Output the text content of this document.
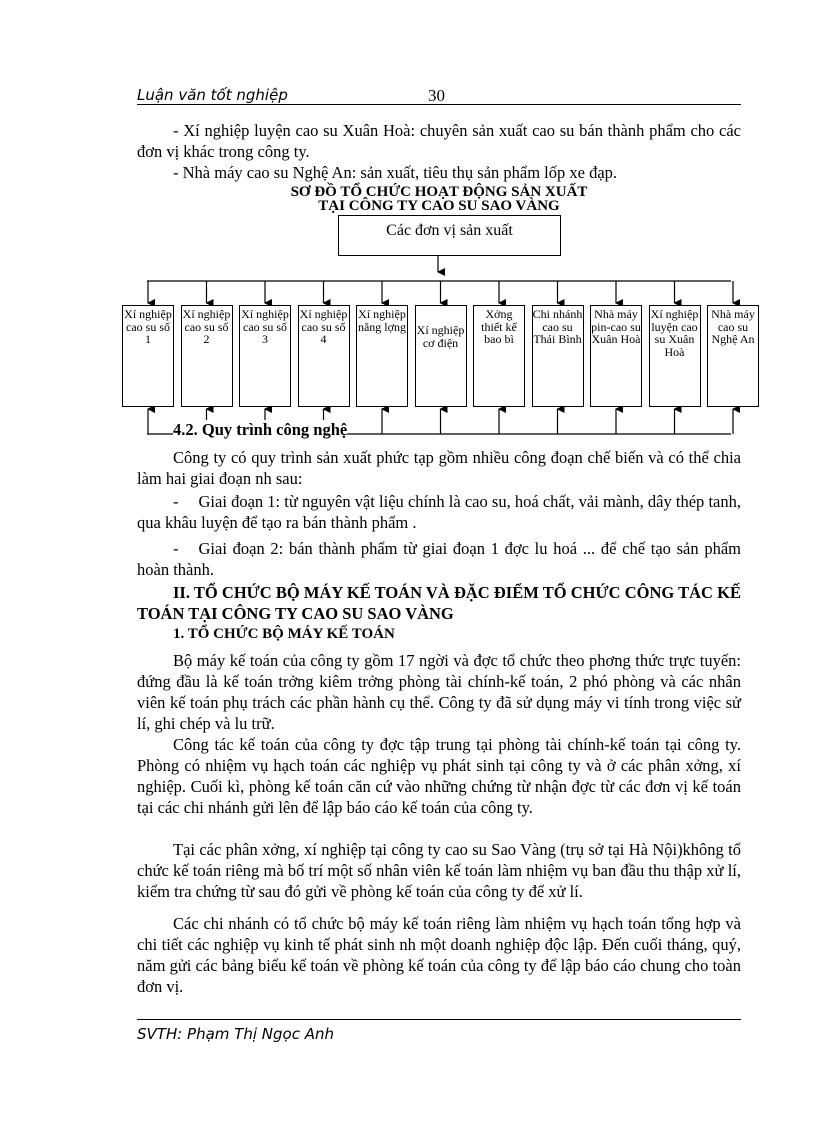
Luận văn tốt nghiệp	30

- Xí nghiệp luyện cao su Xuân Hoà: chuyên sản xuất cao su bán thành phẩm cho các đơn vị khác trong công ty.

- Nhà máy cao su Nghệ An: sản xuất, tiêu thụ sản phẩm lốp xe đạp.

SƠ ĐỒ TỔ CHỨC HOẠT ĐỘNG SẢN XUẤT
TẠI CÔNG TY CAO SU SAO VÀNG
Các đơn vị sản xuất
Xí nghiệp cao su số 1
Xí nghiệp cao su số 2
Xí nghiệp cao su số 3
Xí nghiệp cao su số 4
Xí nghiệp năng lợng Xí nghiệp cơ điện
Xởng thiết kế bao bì
Chi nhánh cao su Thái Bình
Nhà máy pin-cao su Xuân Hoà
Xí nghiệp luyện cao su Xuân Hoà
Nhà máy cao su Nghệ An
4.2. Quy trình công nghệ

Công ty có quy trình sản xuất phức tạp gồm nhiều công đoạn chế biến và có thể chia làm hai giai đoạn nh sau:

- Giai đoạn 1: từ nguyên vật liệu chính là cao su, hoá chất, vải mành, dây thép tanh, qua khâu luyện để tạo ra bán thành phẩm .

- Giai đoạn 2: bán thành phẩm từ giai đoạn 1 đợc lu hoá ... để chế tạo sản phẩm hoàn thành.

II. TỔ CHỨC BỘ MÁY KẾ TOÁN VÀ ĐẶC ĐIỂM TỔ CHỨC CÔNG TÁC KẾ TOÁN TẠI CÔNG TY CAO SU SAO VÀNG
1. TỔ CHỨC BỘ MÁY KẾ TOÁN

Bộ máy kế toán của công ty gồm 17 ngời và đợc tổ chức theo phơng thức trực tuyến: đứng đầu là kế toán trởng kiêm trởng phòng tài chính-kế toán, 2 phó phòng và các nhân viên kế toán phụ trách các phần hành cụ thể. Công ty đã sử dụng máy vi tính trong việc sử lí, ghi chép và lu trữ.

Công tác kế toán của công ty đợc tập trung tại phòng tài chính-kế toán tại công ty. Phòng có nhiệm vụ hạch toán các nghiệp vụ phát sinh tại công ty và ở các phân xởng, xí nghiệp. Cuối kì, phòng kế toán căn cứ vào những chứng từ nhận đợc từ các đơn vị kế toán tại các chi nhánh gửi lên để lập báo cáo kế toán của công ty.

Tại các phân xởng, xí nghiệp tại công ty cao su Sao Vàng (trụ sở tại Hà Nội)không tổ chức kế toán riêng mà bố trí một số nhân viên kế toán làm nhiệm vụ ban đầu thu thập xử lí, kiểm tra chứng từ sau đó gửi về phòng kế toán của công ty để xử lí.

Các chi nhánh có tổ chức bộ máy kế toán riêng làm nhiệm vụ hạch toán tổng hợp và chi tiết các nghiệp vụ kinh tế phát sinh nh một doanh nghiệp độc lập. Đến cuối tháng, quý, năm gửi các bảng biểu kế toán về phòng kế toán của công ty để lập báo cáo chung cho toàn đơn vị.

SVTH: Phạm Thị Ngọc Anh
